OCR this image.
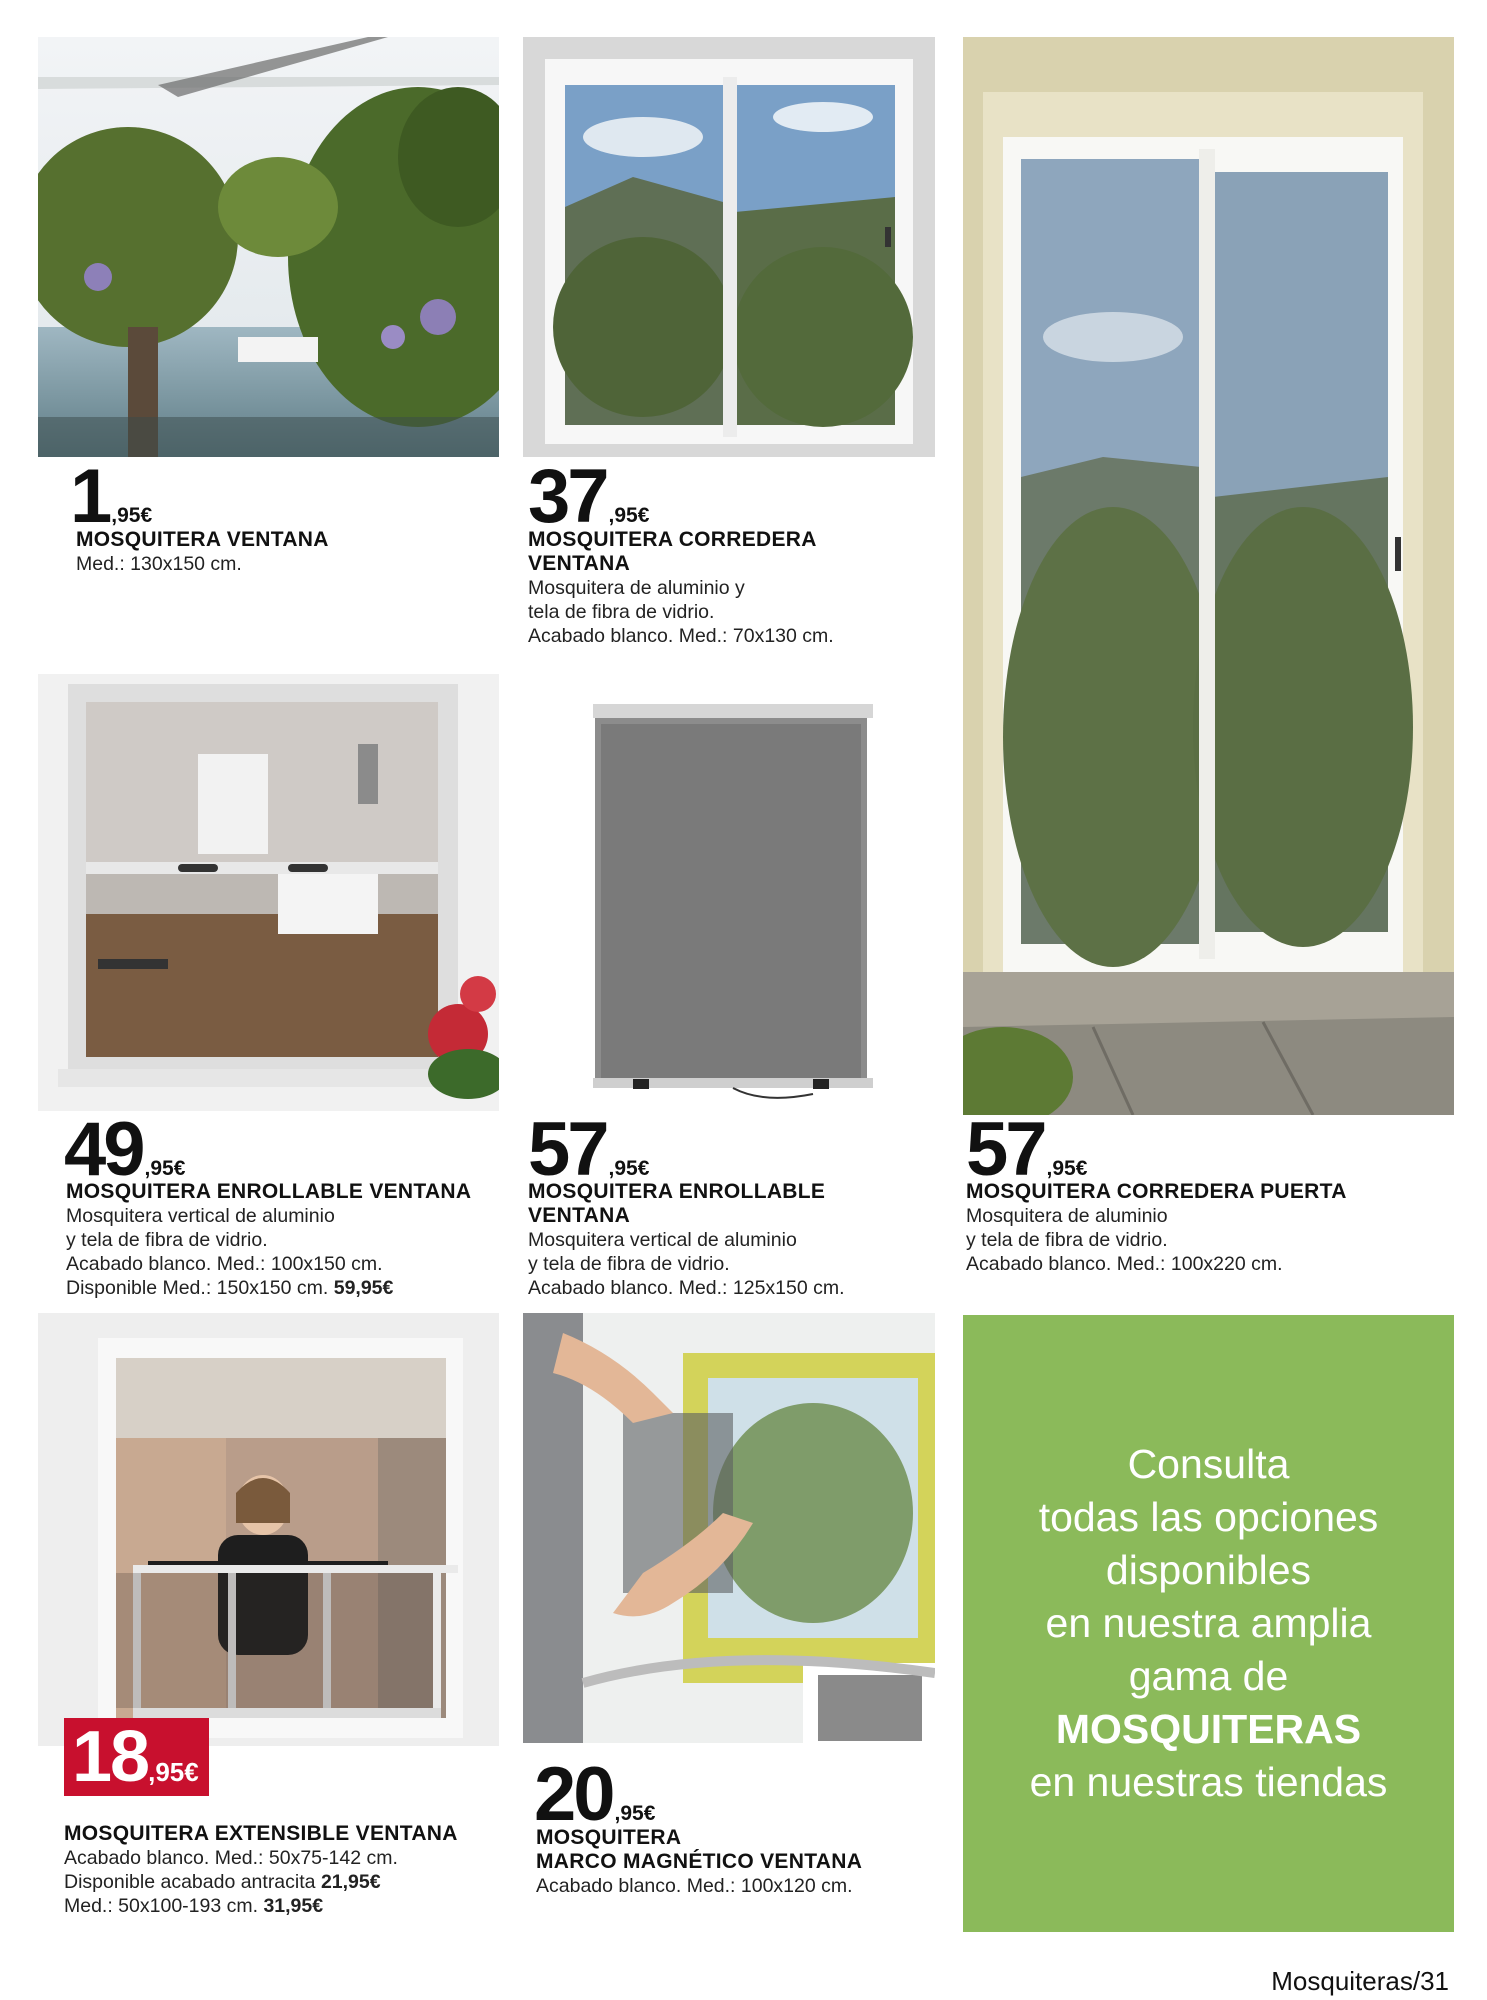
1,95€
MOSQUITERA VENTANA
Med.: 130x150 cm.
37,95€
MOSQUITERA CORREDERA
VENTANA
Mosquitera de aluminio y
tela de fibra de vidrio.
Acabado blanco. Med.: 70x130 cm.
49,95€
MOSQUITERA ENROLLABLE VENTANA
Mosquitera vertical de aluminio
y tela de fibra de vidrio.
Acabado blanco. Med.: 100x150 cm.
Disponible Med.: 150x150 cm. 59,95€
57,95€
MOSQUITERA ENROLLABLE
VENTANA
Mosquitera vertical de aluminio
y tela de fibra de vidrio.
Acabado blanco. Med.: 125x150 cm.
57,95€
MOSQUITERA CORREDERA PUERTA
Mosquitera de aluminio
y tela de fibra de vidrio.
Acabado blanco. Med.: 100x220 cm.
18,95€
MOSQUITERA EXTENSIBLE VENTANA
Acabado blanco. Med.: 50x75-142 cm.
Disponible acabado antracita 21,95€
Med.: 50x100-193 cm. 31,95€
20,95€
MOSQUITERA
MARCO MAGNÉTICO VENTANA
Acabado blanco. Med.: 100x120 cm.
Consulta
todas las opciones
disponibles
en nuestra amplia
gama de
MOSQUITERAS
en nuestras tiendas
Mosquiteras/31
